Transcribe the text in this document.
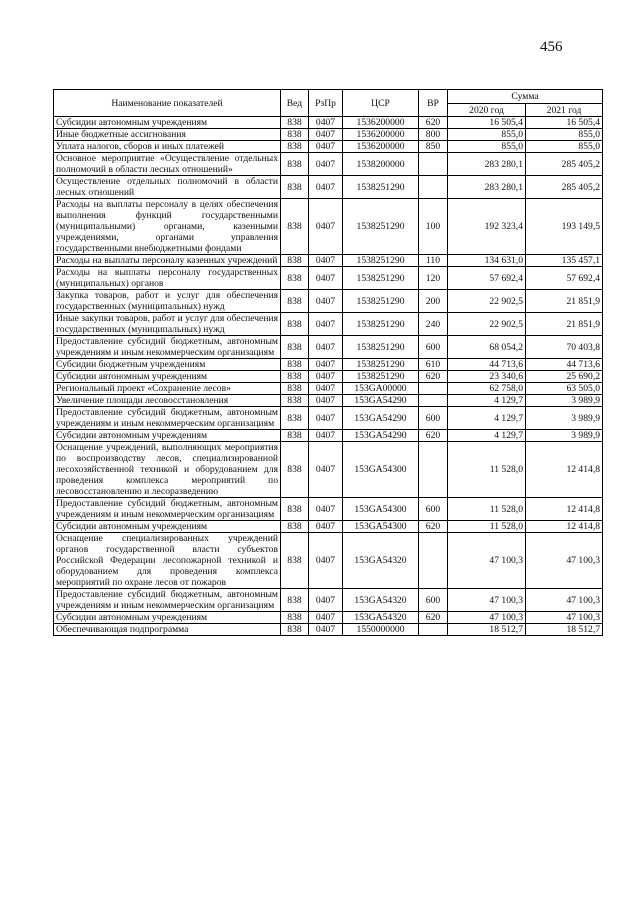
456
Наименование показателей	Вед	РзПр	ЦСР	ВР	Сумма	
					2020 год	2021 год
Субсидии автономным учреждениям	838	0407	1536200000	620	16 505,4	16 505,4
Иные бюджетные ассигнования	838	0407	1536200000	800	855,0	855,0
Уплата налогов, сборов и иных платежей	838	0407	1536200000	850	855,0	855,0
Основное мероприятие «Осуществление отдельных полномочий в области лесных отношений»	838	0407	1538200000		283 280,1	285 405,2
Осуществление отдельных полномочий в области лесных отношений	838	0407	1538251290		283 280,1	285 405,2
Расходы на выплаты персоналу в целях обеспечения выполнения функций государственными (муниципальными) органами, казенными учреждениями, органами управления государственными внебюджетными фондами	838	0407	1538251290	100	192 323,4	193 149,5
Расходы на выплаты персоналу казенных учреждений	838	0407	1538251290	110	134 631,0	135 457,1
Расходы на выплаты персоналу государственных (муниципальных) органов	838	0407	1538251290	120	57 692,4	57 692,4
Закупка товаров, работ и услуг для обеспечения государственных (муниципальных) нужд	838	0407	1538251290	200	22 902,5	21 851,9
Иные закупки товаров, работ и услуг для обеспечения государственных (муниципальных) нужд	838	0407	1538251290	240	22 902,5	21 851,9
Предоставление субсидий бюджетным, автономным учреждениям и иным некоммерческим организациям	838	0407	1538251290	600	68 054,2	70 403,8
Субсидии бюджетным учреждениям	838	0407	1538251290	610	44 713,6	44 713,6
Субсидии автономным учреждениям	838	0407	1538251290	620	23 340,6	25 690,2
Региональный проект «Сохранение лесов»	838	0407	153GA00000		62 758,0	63 505,0
Увеличение площади лесовосстановления	838	0407	153GA54290		4 129,7	3 989,9
Предоставление субсидий бюджетным, автономным учреждениям и иным некоммерческим организациям	838	0407	153GA54290	600	4 129,7	3 989,9
Субсидии автономным учреждениям	838	0407	153GA54290	620	4 129,7	3 989,9
Оснащение учреждений, выполняющих мероприятия по воспроизводству лесов, специализированной лесохозяйственной техникой и оборудованием для проведения комплекса мероприятий по лесовосстановлению и лесоразведению	838	0407	153GA54300		11 528,0	12 414,8
Предоставление субсидий бюджетным, автономным учреждениям и иным некоммерческим организациям	838	0407	153GA54300	600	11 528,0	12 414,8
Субсидии автономным учреждениям	838	0407	153GA54300	620	11 528,0	12 414,8
Оснащение специализированных учреждений органов государственной власти субъектов Российской Федерации лесопожарной техникой и оборудованием для проведения комплекса мероприятий по охране лесов от пожаров	838	0407	153GA54320		47 100,3	47 100,3
Предоставление субсидий бюджетным, автономным учреждениям и иным некоммерческим организациям	838	0407	153GA54320	600	47 100,3	47 100,3
Субсидии автономным учреждениям	838	0407	153GA54320	620	47 100,3	47 100,3
Обеспечивающая подпрограмма	838	0407	1550000000		18 512,7	18 512,7
